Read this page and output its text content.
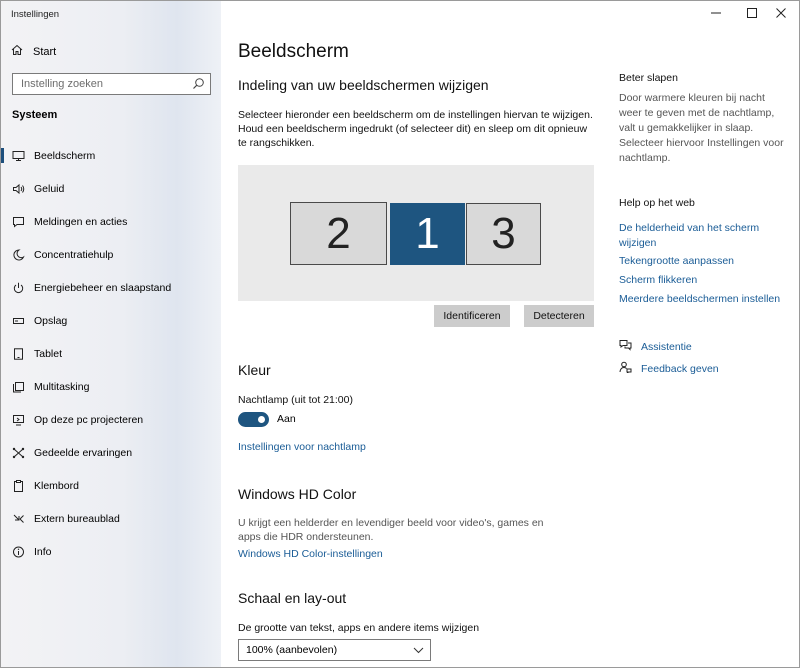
Instellingen
Start
Instelling zoeken
Systeem
Beeldscherm
Geluid
Meldingen en acties
Concentratiehulp
Energiebeheer en slaapstand
Opslag
Tablet
Multitasking
Op deze pc projecteren
Gedeelde ervaringen
Klembord
Extern bureaublad
Info
Beeldscherm
Indeling van uw beeldschermen wijzigen
Selecteer hieronder een beeldscherm om de instellingen hiervan te wijzigen. Houd een beeldscherm ingedrukt (of selecteer dit) en sleep om dit opnieuw te rangschikken.
2	1	3
Identificeren	Detecteren
Kleur
Nachtlamp (uit tot 21:00)
Aan
Instellingen voor nachtlamp
Windows HD Color
U krijgt een helderder en levendiger beeld voor video's, games en apps die HDR ondersteunen.
Windows HD Color-instellingen
Schaal en lay-out
De grootte van tekst, apps en andere items wijzigen
100% (aanbevolen)
Beter slapen
Door warmere kleuren bij nacht weer te geven met de nachtlamp, valt u gemakkelijker in slaap. Selecteer hiervoor Instellingen voor nachtlamp.
Help op het web
De helderheid van het scherm wijzigen
Tekengrootte aanpassen
Scherm flikkeren
Meerdere beeldschermen instellen
Assistentie
Feedback geven
